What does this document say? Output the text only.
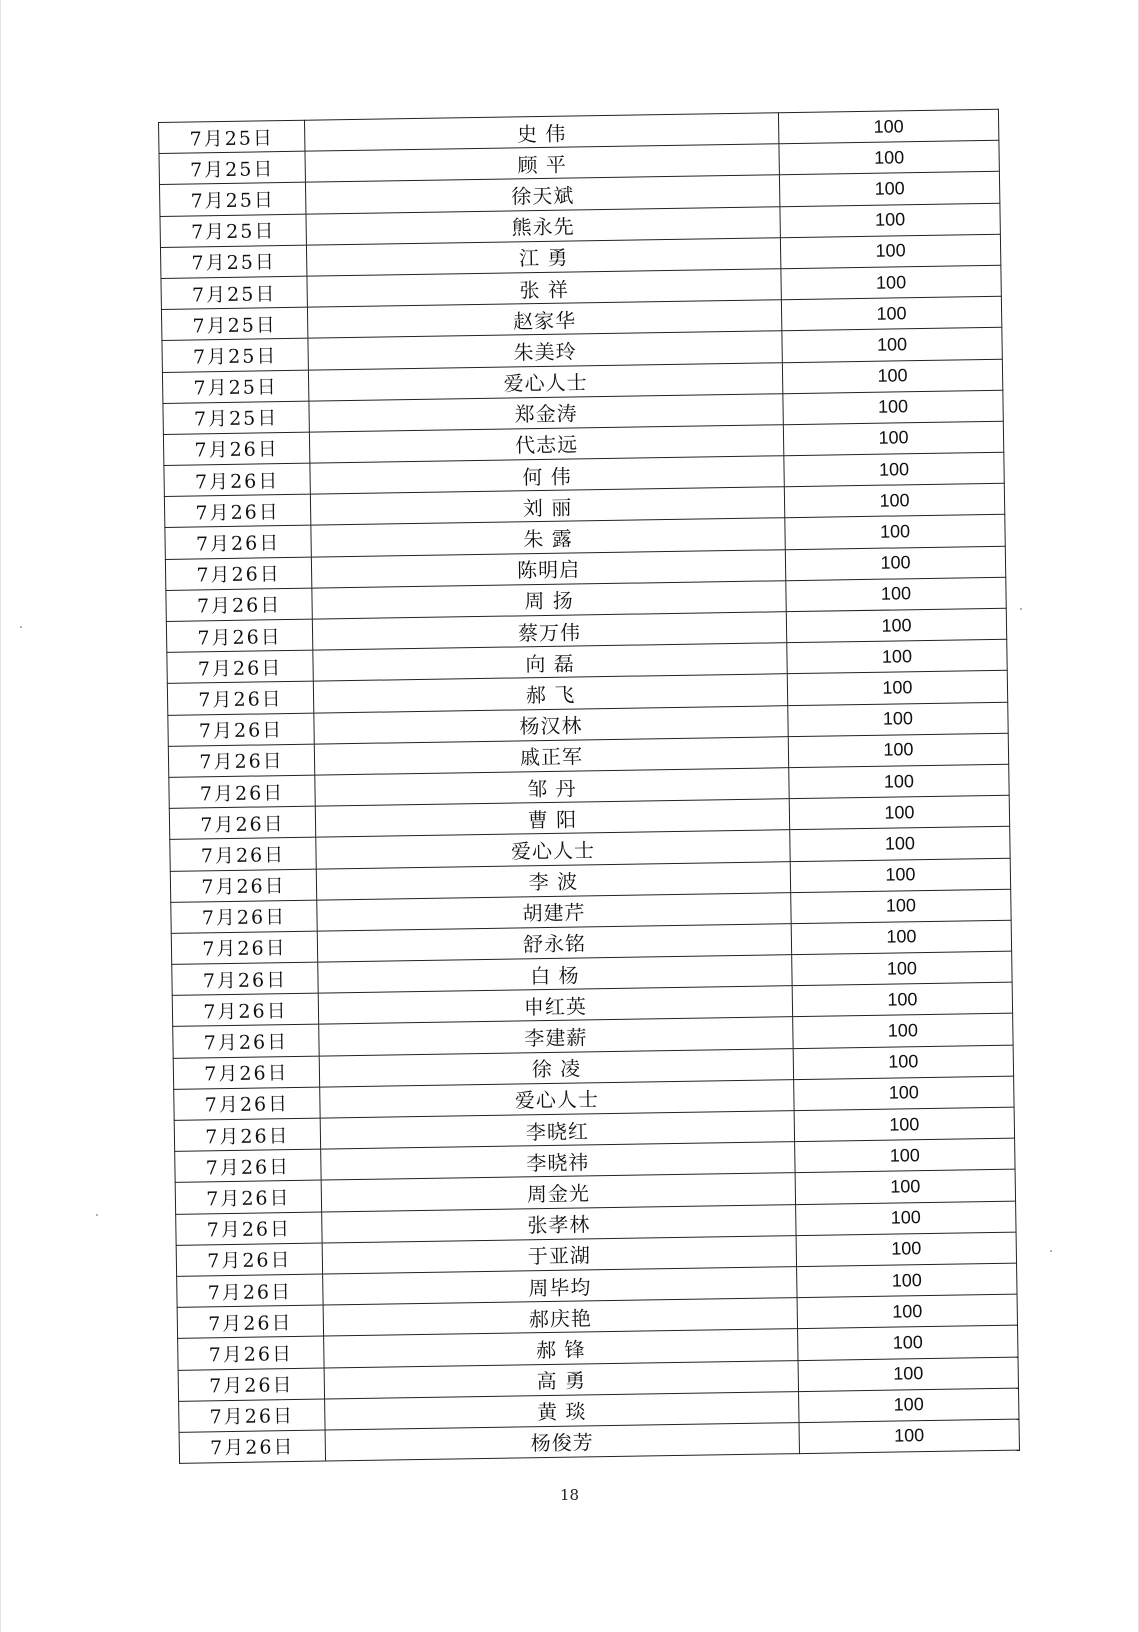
7月25日	史 伟	100
7月25日	顾 平	100
7月25日	徐天斌	100
7月25日	熊永先	100
7月25日	江 勇	100
7月25日	张 祥	100
7月25日	赵家华	100
7月25日	朱美玲	100
7月25日	爱心人士	100
7月25日	郑金涛	100
7月26日	代志远	100
7月26日	何 伟	100
7月26日	刘 丽	100
7月26日	朱 露	100
7月26日	陈明启	100
7月26日	周 扬	100
7月26日	蔡万伟	100
7月26日	向 磊	100
7月26日	郝 飞	100
7月26日	杨汉林	100
7月26日	戚正军	100
7月26日	邹 丹	100
7月26日	曹 阳	100
7月26日	爱心人士	100
7月26日	李 波	100
7月26日	胡建芹	100
7月26日	舒永铭	100
7月26日	白 杨	100
7月26日	申红英	100
7月26日	李建薪	100
7月26日	徐 凌	100
7月26日	爱心人士	100
7月26日	李晓红	100
7月26日	李晓祎	100
7月26日	周金光	100
7月26日	张孝林	100
7月26日	于亚湖	100
7月26日	周毕均	100
7月26日	郝庆艳	100
7月26日	郝 锋	100
7月26日	高 勇	100
7月26日	黄 琰	100
7月26日	杨俊芳	100
18
